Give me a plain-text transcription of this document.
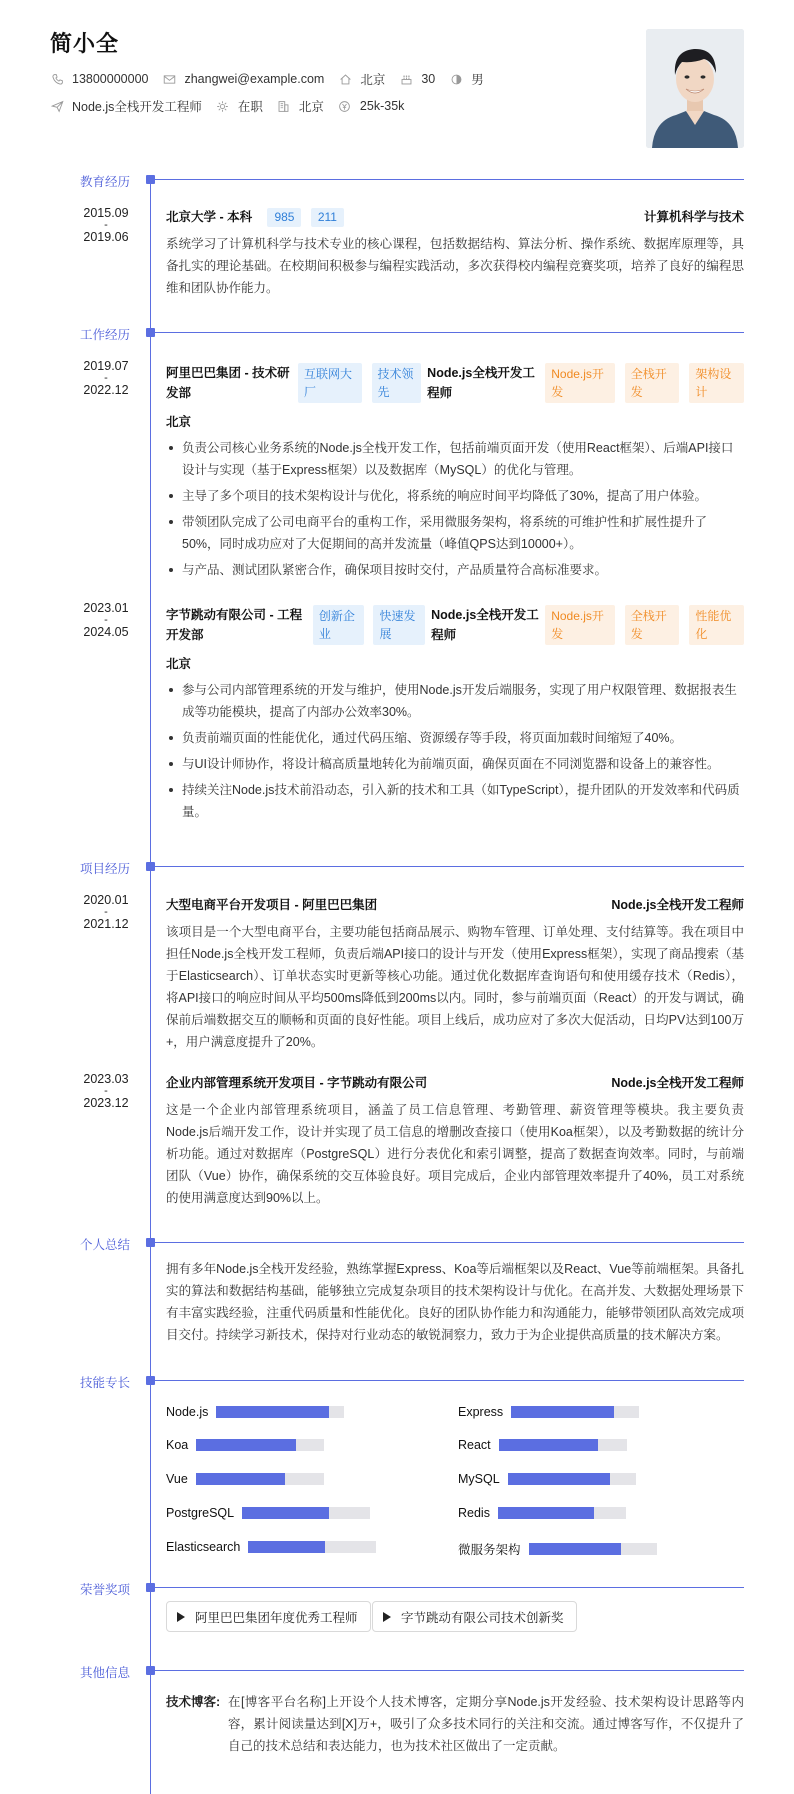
简小全
13800000000	zhangwei@example.com	北京	30	男
Node.js全栈开发工程师	在职	北京	25k-35k
教育经历
2015.09
-
2019.06
北京大学 - 本科 985 211	计算机科学与技术
系统学习了计算机科学与技术专业的核心课程，包括数据结构、算法分析、操作系统、数据库原理等，具备扎实的理论基础。在校期间积极参与编程实践活动，多次获得校内编程竞赛奖项，培养了良好的编程思维和团队协作能力。
工作经历
2019.07
-
2022.12
阿里巴巴集团 - 技术研发部
互联网大厂
技术领先
Node.js全栈开发工程师
Node.js开发
全栈开发
架构设计
北京
负责公司核心业务系统的Node.js全栈开发工作，包括前端页面开发（使用React框架）、后端API接口设计与实现（基于Express框架）以及数据库（MySQL）的优化与管理。
主导了多个项目的技术架构设计与优化，将系统的响应时间平均降低了30%，提高了用户体验。
带领团队完成了公司电商平台的重构工作，采用微服务架构，将系统的可维护性和扩展性提升了50%，同时成功应对了大促期间的高并发流量（峰值QPS达到10000+）。
与产品、测试团队紧密合作，确保项目按时交付，产品质量符合高标准要求。
2023.01
-
2024.05
字节跳动有限公司 - 工程开发部
创新企业
快速发展
Node.js全栈开发工程师
Node.js开发
全栈开发
性能优化
北京
参与公司内部管理系统的开发与维护，使用Node.js开发后端服务，实现了用户权限管理、数据报表生成等功能模块，提高了内部办公效率30%。
负责前端页面的性能优化，通过代码压缩、资源缓存等手段，将页面加载时间缩短了40%。
与UI设计师协作，将设计稿高质量地转化为前端页面，确保页面在不同浏览器和设备上的兼容性。
持续关注Node.js技术前沿动态，引入新的技术和工具（如TypeScript），提升团队的开发效率和代码质量。
项目经历
2020.01
-
2021.12
大型电商平台开发项目 - 阿里巴巴集团	Node.js全栈开发工程师
该项目是一个大型电商平台，主要功能包括商品展示、购物车管理、订单处理、支付结算等。我在项目中担任Node.js全栈开发工程师，负责后端API接口的设计与开发（使用Express框架），实现了商品搜索（基于Elasticsearch）、订单状态实时更新等核心功能。通过优化数据库查询语句和使用缓存技术（Redis），将API接口的响应时间从平均500ms降低到200ms以内。同时，参与前端页面（React）的开发与调试，确保前后端数据交互的顺畅和页面的良好性能。项目上线后，成功应对了多次大促活动，日均PV达到100万+，用户满意度提升了20%。
2023.03
-
2023.12
企业内部管理系统开发项目 - 字节跳动有限公司	Node.js全栈开发工程师
这是一个企业内部管理系统项目，涵盖了员工信息管理、考勤管理、薪资管理等模块。我主要负责Node.js后端开发工作，设计并实现了员工信息的增删改查接口（使用Koa框架），以及考勤数据的统计分析功能。通过对数据库（PostgreSQL）进行分表优化和索引调整，提高了数据查询效率。同时，与前端团队（Vue）协作，确保系统的交互体验良好。项目完成后，企业内部管理效率提升了40%，员工对系统的使用满意度达到90%以上。
个人总结
拥有多年Node.js全栈开发经验，熟练掌握Express、Koa等后端框架以及React、Vue等前端框架。具备扎实的算法和数据结构基础，能够独立完成复杂项目的技术架构设计与优化。在高并发、大数据处理场景下有丰富实践经验，注重代码质量和性能优化。良好的团队协作能力和沟通能力，能够带领团队高效完成项目交付。持续学习新技术，保持对行业动态的敏锐洞察力，致力于为企业提供高质量的技术解决方案。
技能专长
Node.js	Express
Koa	React
Vue	MySQL
PostgreSQL	Redis
Elasticsearch	微服务架构
荣誉奖项
阿里巴巴集团年度优秀工程师	字节跳动有限公司技术创新奖
其他信息
技术博客: 在[博客平台名称]上开设个人技术博客，定期分享Node.js开发经验、技术架构设计思路等内容，累计阅读量达到[X]万+，吸引了众多技术同行的关注和交流。通过博客写作，不仅提升了自己的技术总结和表达能力，也为技术社区做出了一定贡献。
